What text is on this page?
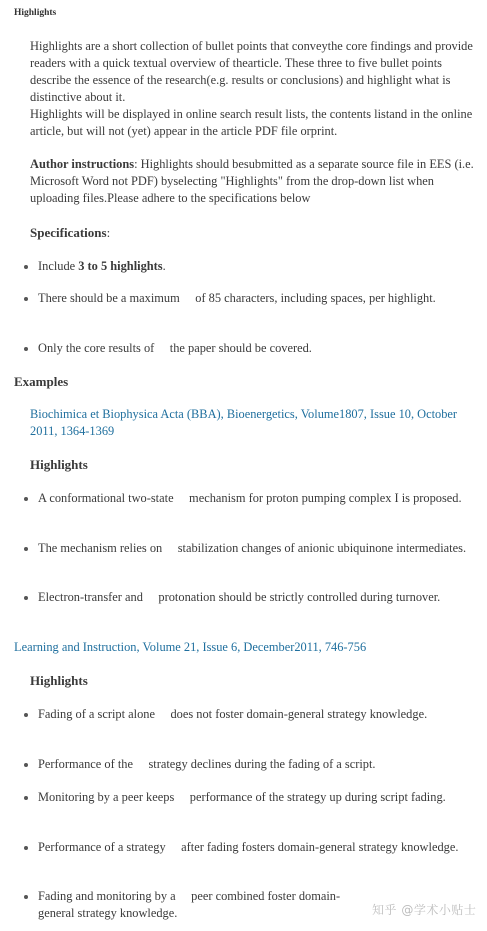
Highlights

Highlights are a short collection of bullet points that conveythe core findings and provide readers with a quick textual overview of thearticle. These three to five bullet points describe the essence of the research(e.g. results or conclusions) and highlight what is distinctive about it.

Highlights will be displayed in online search result lists, the contents listand in the online article, but will not (yet) appear in the article PDF file orprint.

Author instructions: Highlights should besubmitted as a separate source file in EES (i.e. Microsoft Word not PDF) byselecting "Highlights" from the drop-down list when uploading files.Please adhere to the specifications below

Specifications:
Include 3 to 5 highlights.
There should be a maximum     of 85 characters, including spaces, per highlight.
Only the core results of     the paper should be covered.
Examples

Biochimica et Biophysica Acta (BBA), Bioenergetics, Volume1807, Issue 10, October 2011, 1364-1369

Highlights
A conformational two-state     mechanism for proton pumping complex I is proposed.
The mechanism relies on     stabilization changes of anionic ubiquinone intermediates.
Electron-transfer and     protonation should be strictly controlled during turnover.

Learning and Instruction, Volume 21, Issue 6, December2011, 746-756

Highlights
Fading of a script alone     does not foster domain-general strategy knowledge.
Performance of the     strategy declines during the fading of a script.
Monitoring by a peer keeps     performance of the strategy up during script fading.
Performance of a strategy     after fading fosters domain-general strategy knowledge.
Fading and monitoring by a     peer combined foster domain-general strategy knowledge.	知乎 @学术小贴士
